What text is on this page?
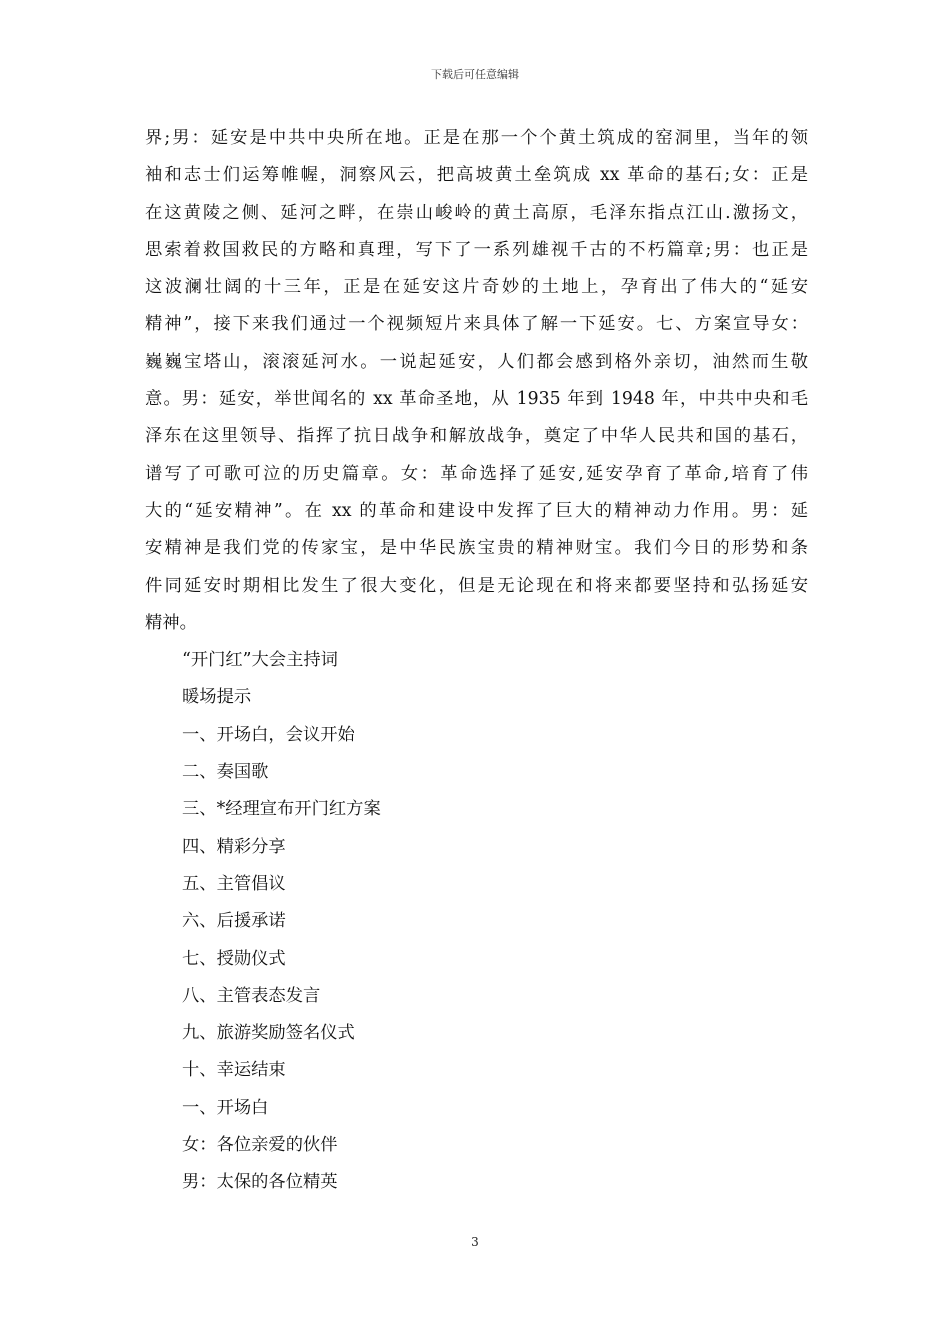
下载后可任意编辑
界;男：延安是中共中央所在地。正是在那一个个黄土筑成的窑洞里，当年的领
袖和志士们运筹帷幄，洞察风云，把高坡黄土垒筑成 xx 革命的基石;女：正是
在这黄陵之侧、延河之畔，在崇山峻岭的黄土高原，毛泽东指点江山.激扬文，
思索着救国救民的方略和真理，写下了一系列雄视千古的不朽篇章;男：也正是
这波澜壮阔的十三年，正是在延安这片奇妙的土地上，孕育出了伟大的“延安
精神”，接下来我们通过一个视频短片来具体了解一下延安。七、方案宣导女：
巍巍宝塔山，滚滚延河水。一说起延安，人们都会感到格外亲切，油然而生敬
意。男：延安，举世闻名的 xx 革命圣地，从 1935 年到 1948 年，中共中央和毛
泽东在这里领导、指挥了抗日战争和解放战争，奠定了中华人民共和国的基石，
谱写了可歌可泣的历史篇章。女：革命选择了延安,延安孕育了革命,培育了伟
大的“延安精神”。在 xx 的革命和建设中发挥了巨大的精神动力作用。男：延
安精神是我们党的传家宝，是中华民族宝贵的精神财宝。我们今日的形势和条
件同延安时期相比发生了很大变化，但是无论现在和将来都要坚持和弘扬延安
精神。

“开门红”大会主持词

暖场提示

一、开场白，会议开始

二、奏国歌

三、*经理宣布开门红方案

四、精彩分享

五、主管倡议

六、后援承诺

七、授勋仪式

八、主管表态发言

九、旅游奖励签名仪式

十、幸运结束

一、开场白

女：各位亲爱的伙伴

男：太保的各位精英

3
